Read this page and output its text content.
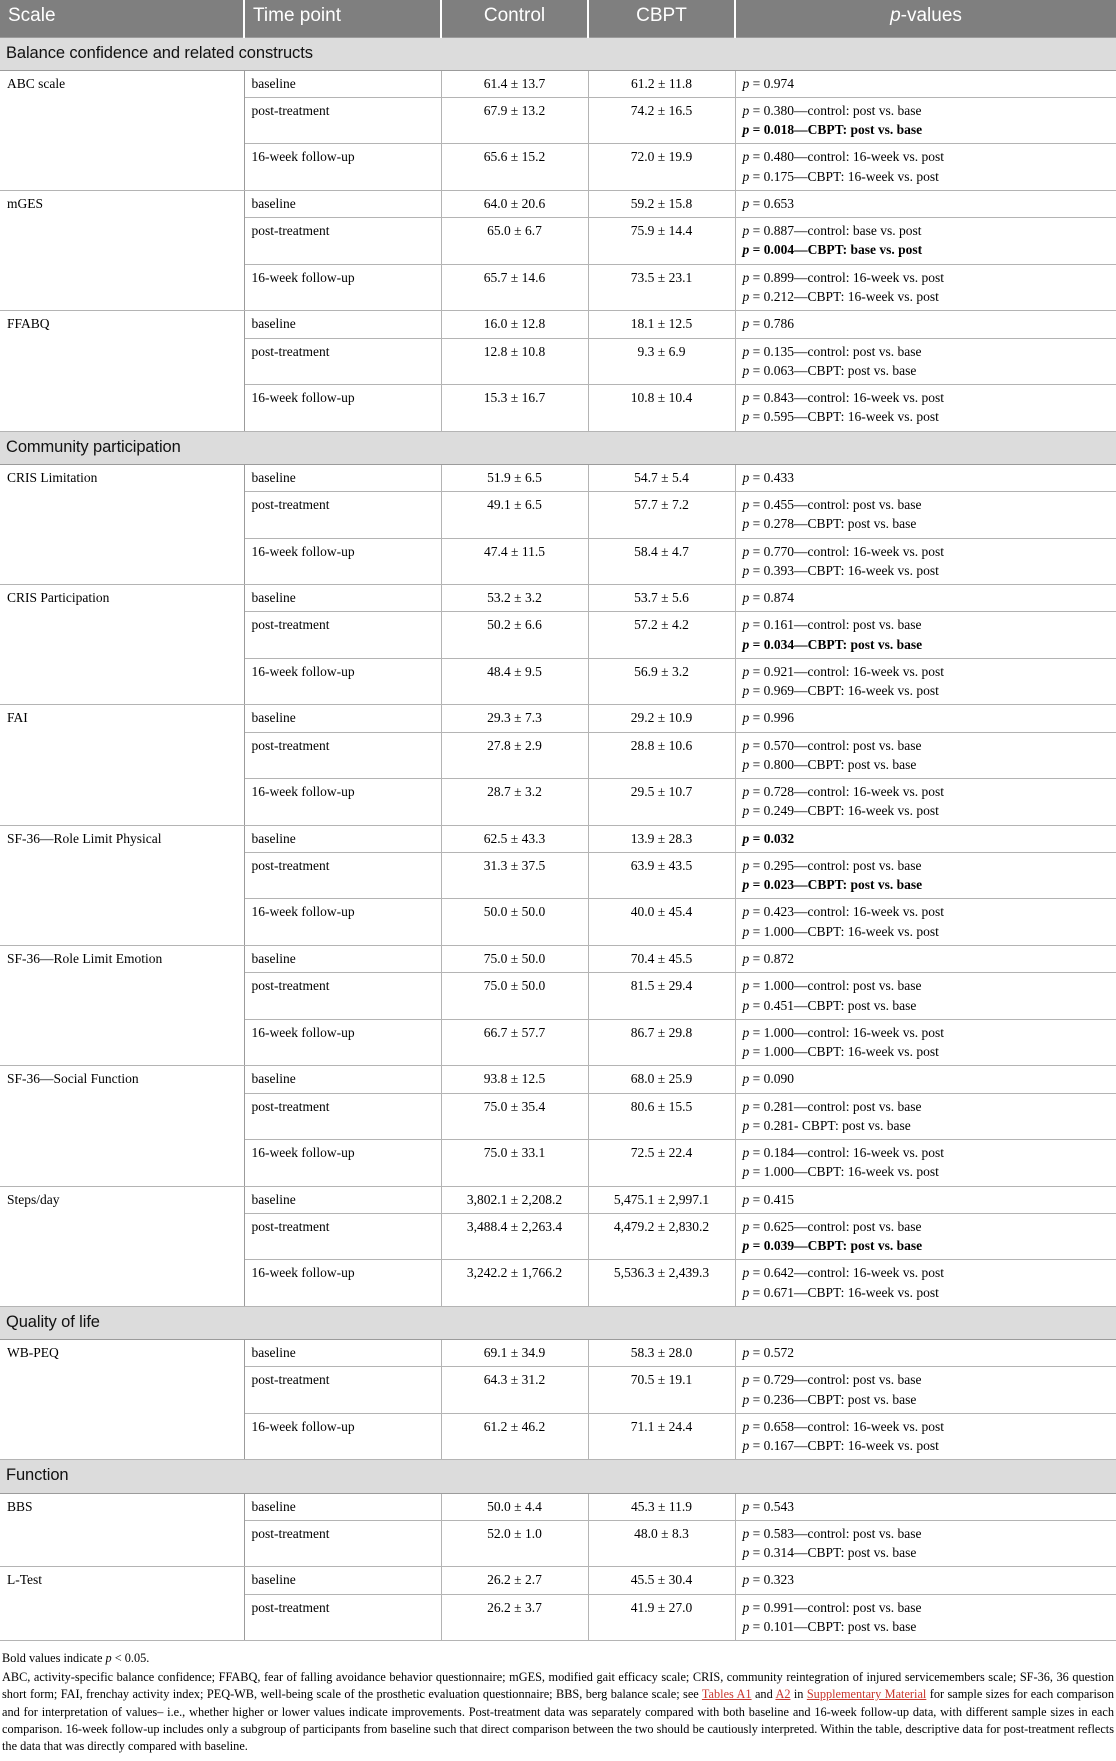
Scale	Time point	Control	CBPT	p-values
Balance confidence and related constructs				
ABC scale	baseline	61.4 ± 13.7	61.2 ± 11.8	p = 0.974

	post-treatment	67.9 ± 13.2	74.2 ± 16.5	p = 0.380—control: post vs. base
p = 0.018—CBPT: post vs. base

	16-week follow-up	65.6 ± 15.2	72.0 ± 19.9	p = 0.480—control: 16-week vs. post
p = 0.175—CBPT: 16-week vs. post

mGES	baseline	64.0 ± 20.6	59.2 ± 15.8	p = 0.653

	post-treatment	65.0 ± 6.7	75.9 ± 14.4	p = 0.887—control: base vs. post
p = 0.004—CBPT: base vs. post

	16-week follow-up	65.7 ± 14.6	73.5 ± 23.1	p = 0.899—control: 16-week vs. post
p = 0.212—CBPT: 16-week vs. post

FFABQ	baseline	16.0 ± 12.8	18.1 ± 12.5	p = 0.786

	post-treatment	12.8 ± 10.8	9.3 ± 6.9	p = 0.135—control: post vs. base
p = 0.063—CBPT: post vs. base

	16-week follow-up	15.3 ± 16.7	10.8 ± 10.4	p = 0.843—control: 16-week vs. post
p = 0.595—CBPT: 16-week vs. post

Community participation				
CRIS Limitation	baseline	51.9 ± 6.5	54.7 ± 5.4	p = 0.433

	post-treatment	49.1 ± 6.5	57.7 ± 7.2	p = 0.455—control: post vs. base
p = 0.278—CBPT: post vs. base

	16-week follow-up	47.4 ± 11.5	58.4 ± 4.7	p = 0.770—control: 16-week vs. post
p = 0.393—CBPT: 16-week vs. post

CRIS Participation	baseline	53.2 ± 3.2	53.7 ± 5.6	p = 0.874

	post-treatment	50.2 ± 6.6	57.2 ± 4.2	p = 0.161—control: post vs. base
p = 0.034—CBPT: post vs. base

	16-week follow-up	48.4 ± 9.5	56.9 ± 3.2	p = 0.921—control: 16-week vs. post
p = 0.969—CBPT: 16-week vs. post

FAI	baseline	29.3 ± 7.3	29.2 ± 10.9	p = 0.996

	post-treatment	27.8 ± 2.9	28.8 ± 10.6	p = 0.570—control: post vs. base
p = 0.800—CBPT: post vs. base

	16-week follow-up	28.7 ± 3.2	29.5 ± 10.7	p = 0.728—control: 16-week vs. post
p = 0.249—CBPT: 16-week vs. post

SF-36—Role Limit Physical	baseline	62.5 ± 43.3	13.9 ± 28.3	p = 0.032

	post-treatment	31.3 ± 37.5	63.9 ± 43.5	p = 0.295—control: post vs. base
p = 0.023—CBPT: post vs. base

	16-week follow-up	50.0 ± 50.0	40.0 ± 45.4	p = 0.423—control: 16-week vs. post
p = 1.000—CBPT: 16-week vs. post

SF-36—Role Limit Emotion	baseline	75.0 ± 50.0	70.4 ± 45.5	p = 0.872

	post-treatment	75.0 ± 50.0	81.5 ± 29.4	p = 1.000—control: post vs. base
p = 0.451—CBPT: post vs. base

	16-week follow-up	66.7 ± 57.7	86.7 ± 29.8	p = 1.000—control: 16-week vs. post
p = 1.000—CBPT: 16-week vs. post

SF-36—Social Function	baseline	93.8 ± 12.5	68.0 ± 25.9	p = 0.090

	post-treatment	75.0 ± 35.4	80.6 ± 15.5	p = 0.281—control: post vs. base
p = 0.281- CBPT: post vs. base

	16-week follow-up	75.0 ± 33.1	72.5 ± 22.4	p = 0.184—control: 16-week vs. post
p = 1.000—CBPT: 16-week vs. post

Steps/day	baseline	3,802.1 ± 2,208.2	5,475.1 ± 2,997.1	p = 0.415

	post-treatment	3,488.4 ± 2,263.4	4,479.2 ± 2,830.2	p = 0.625—control: post vs. base
p = 0.039—CBPT: post vs. base

	16-week follow-up	3,242.2 ± 1,766.2	5,536.3 ± 2,439.3	p = 0.642—control: 16-week vs. post
p = 0.671—CBPT: 16-week vs. post

Quality of life				
WB-PEQ	baseline	69.1 ± 34.9	58.3 ± 28.0	p = 0.572

	post-treatment	64.3 ± 31.2	70.5 ± 19.1	p = 0.729—control: post vs. base
p = 0.236—CBPT: post vs. base

	16-week follow-up	61.2 ± 46.2	71.1 ± 24.4	p = 0.658—control: 16-week vs. post
p = 0.167—CBPT: 16-week vs. post

Function				
BBS	baseline	50.0 ± 4.4	45.3 ± 11.9	p = 0.543

	post-treatment	52.0 ± 1.0	48.0 ± 8.3	p = 0.583—control: post vs. base
p = 0.314—CBPT: post vs. base

L-Test	baseline	26.2 ± 2.7	45.5 ± 30.4	p = 0.323

	post-treatment	26.2 ± 3.7	41.9 ± 27.0	p = 0.991—control: post vs. base
p = 0.101—CBPT: post vs. base

Bold values indicate p < 0.05.

ABC, activity-specific balance confidence; FFABQ, fear of falling avoidance behavior questionnaire; mGES, modified gait efficacy scale; CRIS, community reintegration of injured servicemembers scale; SF-36, 36 question short form; FAI, frenchay activity index; PEQ-WB, well-being scale of the prosthetic evaluation questionnaire; BBS, berg balance scale; see Tables A1 and A2 in Supplementary Material for sample sizes for each comparison and for interpretation of values– i.e., whether higher or lower values indicate improvements. Post-treatment data was separately compared with both baseline and 16-week follow-up data, with different sample sizes in each comparison. 16-week follow-up includes only a subgroup of participants from baseline such that direct comparison between the two should be cautiously interpreted. Within the table, descriptive data for post-treatment reflects the data that was directly compared with baseline.
